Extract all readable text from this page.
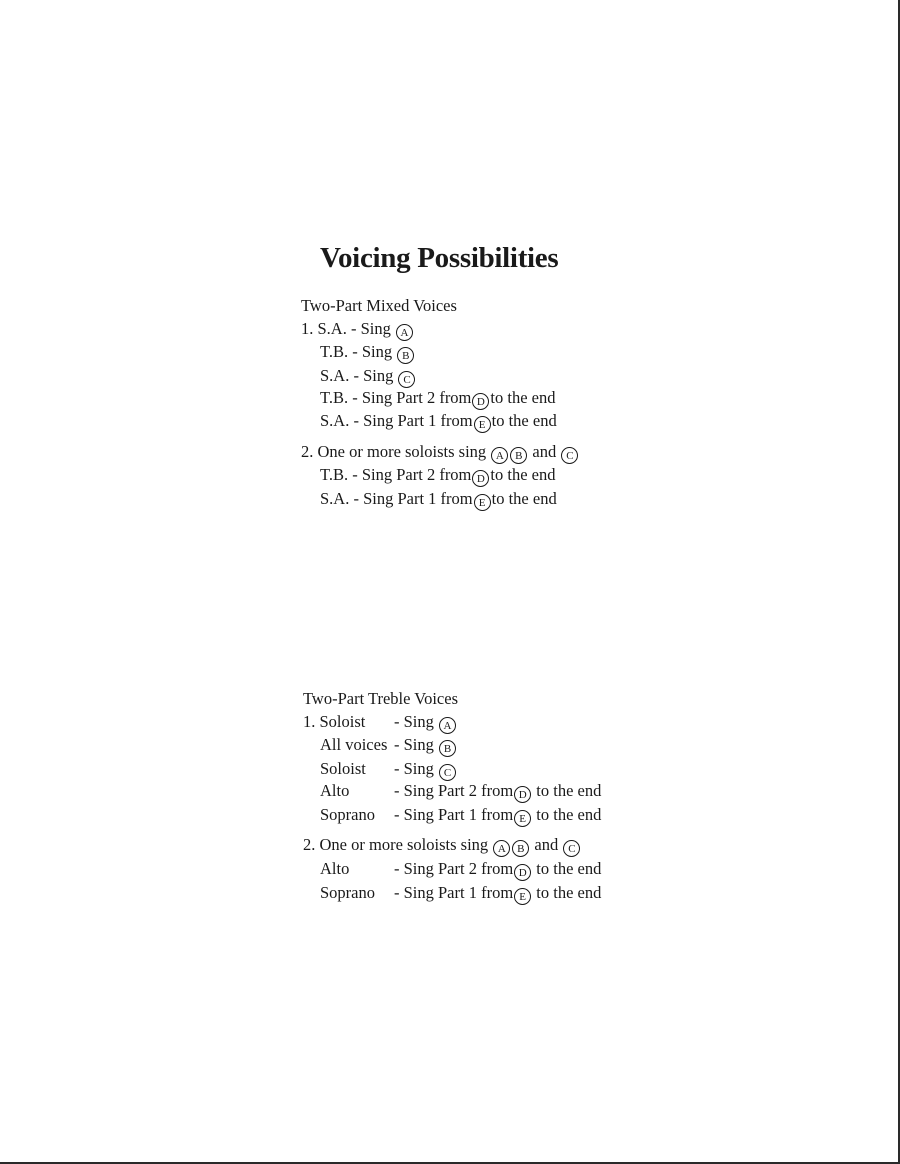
Voicing Possibilities
Two-Part Mixed Voices
1. S.A. - Sing A
T.B. - Sing B
S.A. - Sing C
T.B. - Sing Part 2 from D to the end
S.A. - Sing Part 1 from E to the end
2. One or more soloists sing A B and C
T.B. - Sing Part 2 from D to the end
S.A. - Sing Part 1 from E to the end
Two-Part Treble Voices
1. Soloist - Sing A
All voices - Sing B
Soloist - Sing C
Alto	- Sing Part 2 from D to the end
Soprano - Sing Part 1 from E to the end
2. One or more soloists sing A B and C
Alto	- Sing Part 2 from D to the end
Soprano - Sing Part 1 from E to the end
